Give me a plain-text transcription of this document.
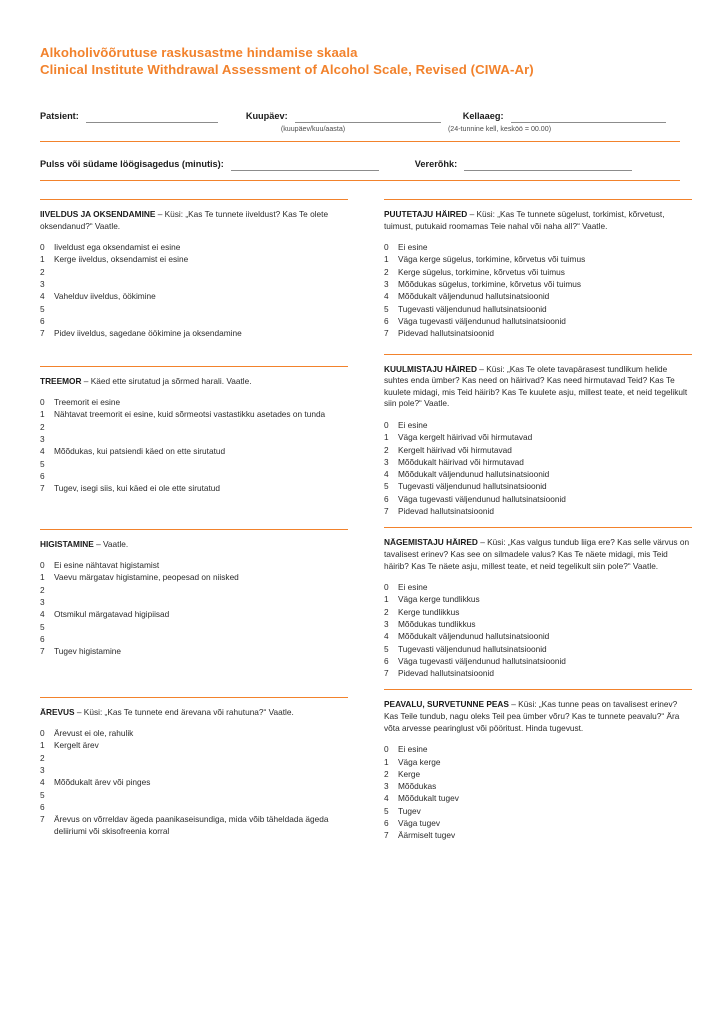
Alkoholivõõrutuse raskusastme hindamise skaala
Clinical Institute Withdrawal Assessment of Alcohol Scale, Revised (CIWA-Ar)
Patsient:	Kuupäev:	Kellaaeg:
(kuupäev/kuu/aasta)	(24-tunnine kell, kesköö = 00.00)
Pulss või südame löögisagedus (minutis):	Vererõhk:
IIVELDUS JA OKSENDAMINE – Küsi: „Kas Te tunnete iiveldust? Kas Te olete oksendanud?“ Vaatle.
0	Iiveldust ega oksendamist ei esine
1	Kerge iiveldus, oksendamist ei esine
2
3
4	Vahelduv iiveldus, öökimine
5
6
7	Pidev iiveldus, sagedane öökimine ja oksendamine
TREEMOR – Käed ette sirutatud ja sõrmed harali. Vaatle.
0	Treemorit ei esine
1	Nähtavat treemorit ei esine, kuid sõrmeotsi vastastikku asetades on tunda
2
3
4	Mõõdukas, kui patsiendi käed on ette sirutatud
5
6
7	Tugev, isegi siis, kui käed ei ole ette sirutatud
HIGISTAMINE – Vaatle.
0	Ei esine nähtavat higistamist
1	Vaevu märgatav higistamine, peopesad on niisked
2
3
4	Otsmikul märgatavad higipiisad
5
6
7	Tugev higistamine
ÄREVUS – Küsi: „Kas Te tunnete end ärevana või rahutuna?“ Vaatle.
0	Ärevust ei ole, rahulik
1	Kergelt ärev
2
3
4	Mõõdukalt ärev või pinges
5
6
7	Ärevus on võrreldav ägeda paanikaseisundiga, mida võib täheldada ägeda deliiriumi või skisofreenia korral
PUUTETAJU HÄIRED – Küsi: „Kas Te tunnete sügelust, torkimist, kõrvetust, tuimust, putukaid roomamas Teie nahal või naha all?“ Vaatle.
0	Ei esine
1	Väga kerge sügelus, torkimine, kõrvetus või tuimus
2	Kerge sügelus, torkimine, kõrvetus või tuimus
3	Mõõdukas sügelus, torkimine, kõrvetus või tuimus
4	Mõõdukalt väljendunud hallutsinatsioonid
5	Tugevasti väljendunud hallutsinatsioonid
6	Väga tugevasti väljendunud hallutsinatsioonid
7	Pidevad hallutsinatsioonid
KUULMISTAJU HÄIRED – Küsi: „Kas Te olete tavapärasest tundlikum helide suhtes enda ümber? Kas need on häirivad? Kas need hirmutavad Teid? Kas Te kuulete midagi, mis Teid häirib? Kas Te kuulete asju, millest teate, et neid tegelikult siin pole?“ Vaatle.
0	Ei esine
1	Väga kergelt häirivad või hirmutavad
2	Kergelt häirivad või hirmutavad
3	Mõõdukalt häirivad või hirmutavad
4	Mõõdukalt väljendunud hallutsinatsioonid
5	Tugevasti väljendunud hallutsinatsioonid
6	Väga tugevasti väljendunud hallutsinatsioonid
7	Pidevad hallutsinatsioonid
NÄGEMISTAJU HÄIRED – Küsi: „Kas valgus tundub liiga ere? Kas selle värvus on tavalisest erinev? Kas see on silmadele valus? Kas Te näete midagi, mis Teid häirib? Kas Te näete asju, millest teate, et neid tegelikult siin pole?“ Vaatle.
0	Ei esine
1	Väga kerge tundlikkus
2	Kerge tundlikkus
3	Mõõdukas tundlikkus
4	Mõõdukalt väljendunud hallutsinatsioonid
5	Tugevasti väljendunud hallutsinatsioonid
6	Väga tugevasti väljendunud hallutsinatsioonid
7	Pidevad hallutsinatsioonid
PEAVALU, SURVETUNNE PEAS – Küsi: „Kas tunne peas on tavalisest erinev? Kas Teile tundub, nagu oleks Teil pea ümber võru? Kas te tunnete peavalu?“ Ära võta arvesse pearinglust või pööritust. Hinda tugevust.
0	Ei esine
1	Väga kerge
2	Kerge
3	Mõõdukas
4	Mõõdukalt tugev
5	Tugev
6	Väga tugev
7	Äärmiselt tugev
